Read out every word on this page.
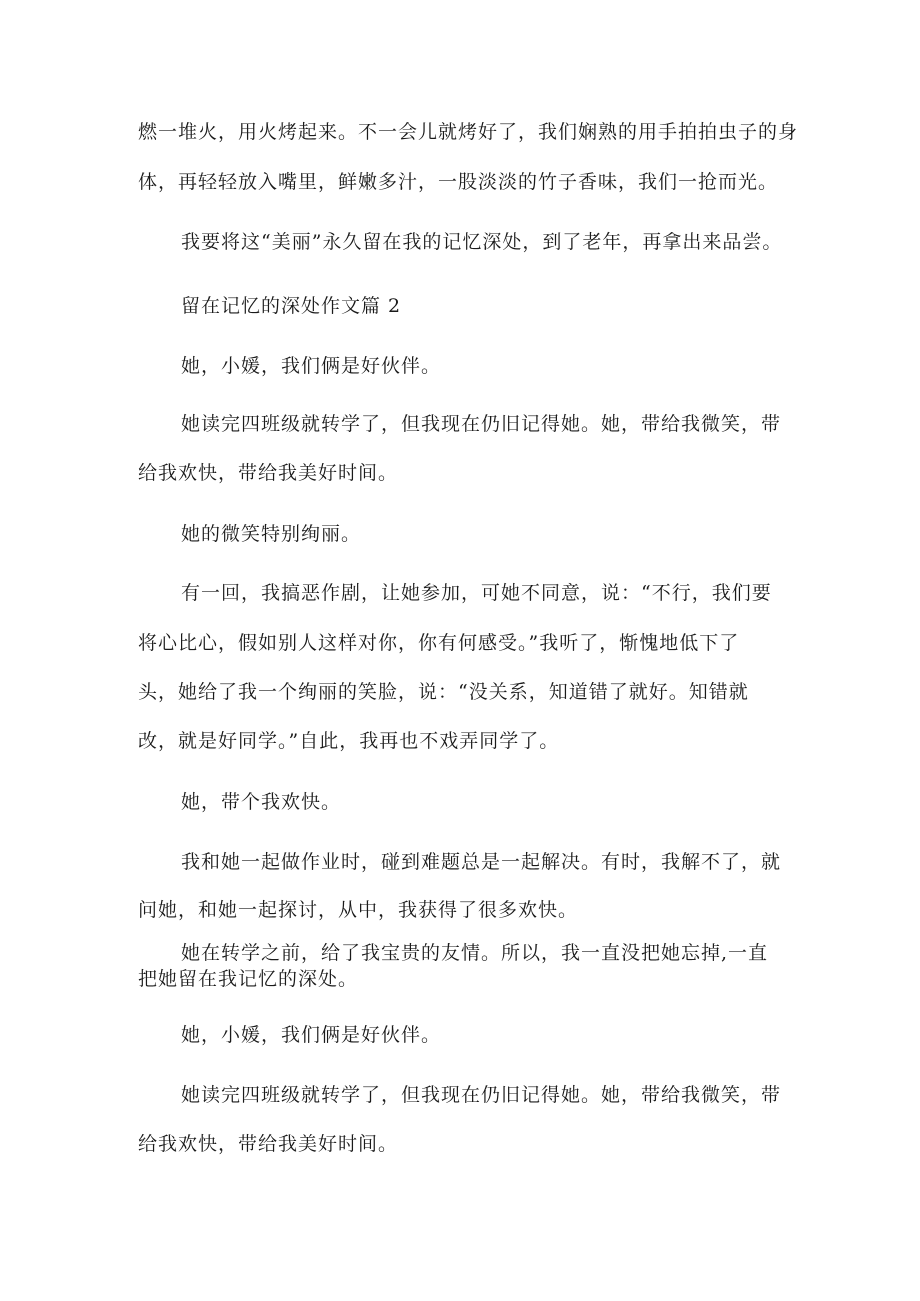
燃一堆火，用火烤起来。不一会儿就烤好了，我们娴熟的用手拍拍虫子的身
体，再轻轻放入嘴里，鲜嫩多汁，一股淡淡的竹子香味，我们一抢而光。
我要将这“美丽”永久留在我的记忆深处，到了老年，再拿出来品尝。
留在记忆的深处作文篇 2
她，小媛，我们俩是好伙伴。
她读完四班级就转学了，但我现在仍旧记得她。她，带给我微笑，带
给我欢快，带给我美好时间。
她的微笑特别绚丽。
有一回，我搞恶作剧，让她参加，可她不同意，说：“不行，我们要
将心比心，假如别人这样对你，你有何感受。”我听了，惭愧地低下了
头，她给了我一个绚丽的笑脸，说：“没关系，知道错了就好。知错就
改，就是好同学。”自此，我再也不戏弄同学了。
她，带个我欢快。
我和她一起做作业时，碰到难题总是一起解决。有时，我解不了，就
问她，和她一起探讨，从中，我获得了很多欢快。
她在转学之前，给了我宝贵的友情。所以，我一直没把她忘掉,一直
把她留在我记忆的深处。
她，小媛，我们俩是好伙伴。
她读完四班级就转学了，但我现在仍旧记得她。她，带给我微笑，带
给我欢快，带给我美好时间。
